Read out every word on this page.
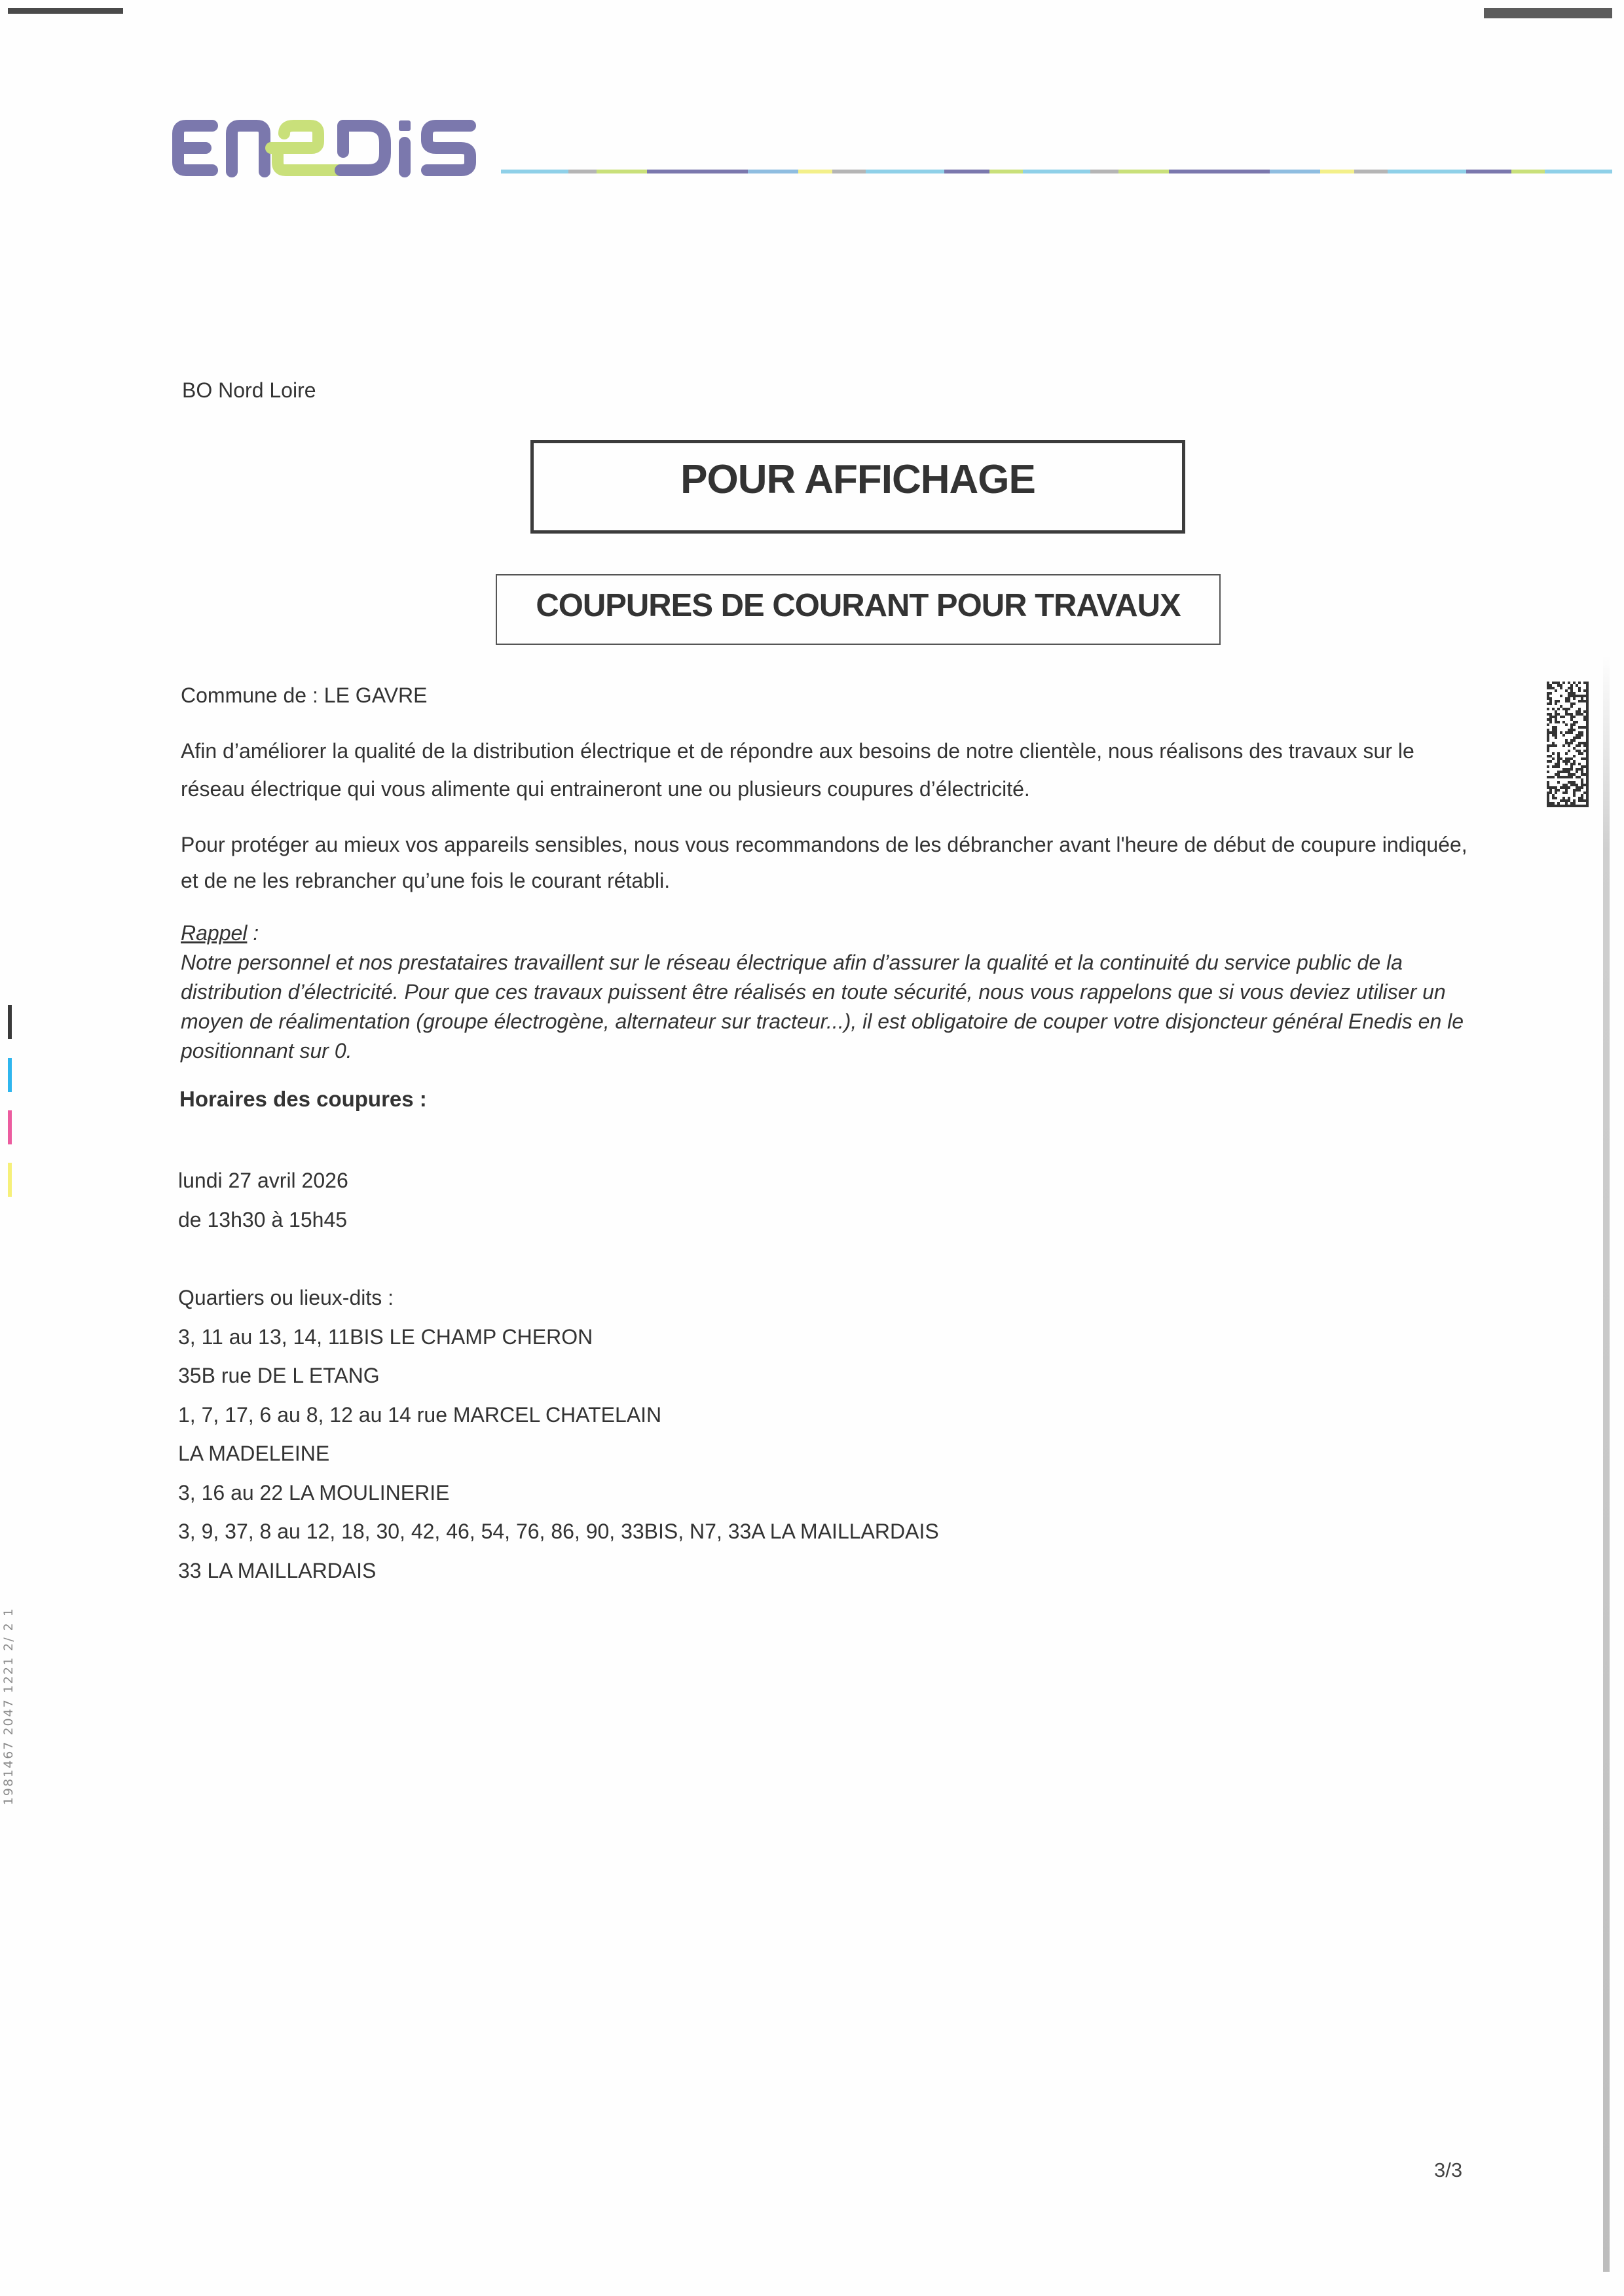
1981467 2047 1221 2/ 2 1
BO Nord Loire
POUR AFFICHAGE
COUPURES DE COURANT POUR TRAVAUX
Commune de : LE GAVRE
Afin d’améliorer la qualité de la distribution électrique et de répondre aux besoins de notre clientèle, nous réalisons des travaux sur le réseau électrique qui vous alimente qui entraineront une ou plusieurs coupures d’électricité.
Pour protéger au mieux vos appareils sensibles, nous vous recommandons de les débrancher avant l'heure de début de coupure indiquée, et de ne les rebrancher qu’une fois le courant rétabli.
Rappel :
Notre personnel et nos prestataires travaillent sur le réseau électrique afin d’assurer la qualité et la continuité du service public de la distribution d’électricité. Pour que ces travaux puissent être réalisés en toute sécurité, nous vous rappelons que si vous deviez utiliser un moyen de réalimentation (groupe électrogène, alternateur sur tracteur...), il est obligatoire de couper votre disjoncteur général Enedis en le positionnant sur 0.
Horaires des coupures :
lundi 27 avril 2026
de 13h30 à 15h45
Quartiers ou lieux-dits :
3, 11 au 13, 14, 11BIS LE CHAMP CHERON
35B rue DE L ETANG
1, 7, 17, 6 au 8, 12 au 14 rue MARCEL CHATELAIN
LA MADELEINE
3, 16 au 22 LA MOULINERIE
3, 9, 37, 8 au 12, 18, 30, 42, 46, 54, 76, 86, 90, 33BIS, N7, 33A LA MAILLARDAIS
33 LA MAILLARDAIS
3/3
